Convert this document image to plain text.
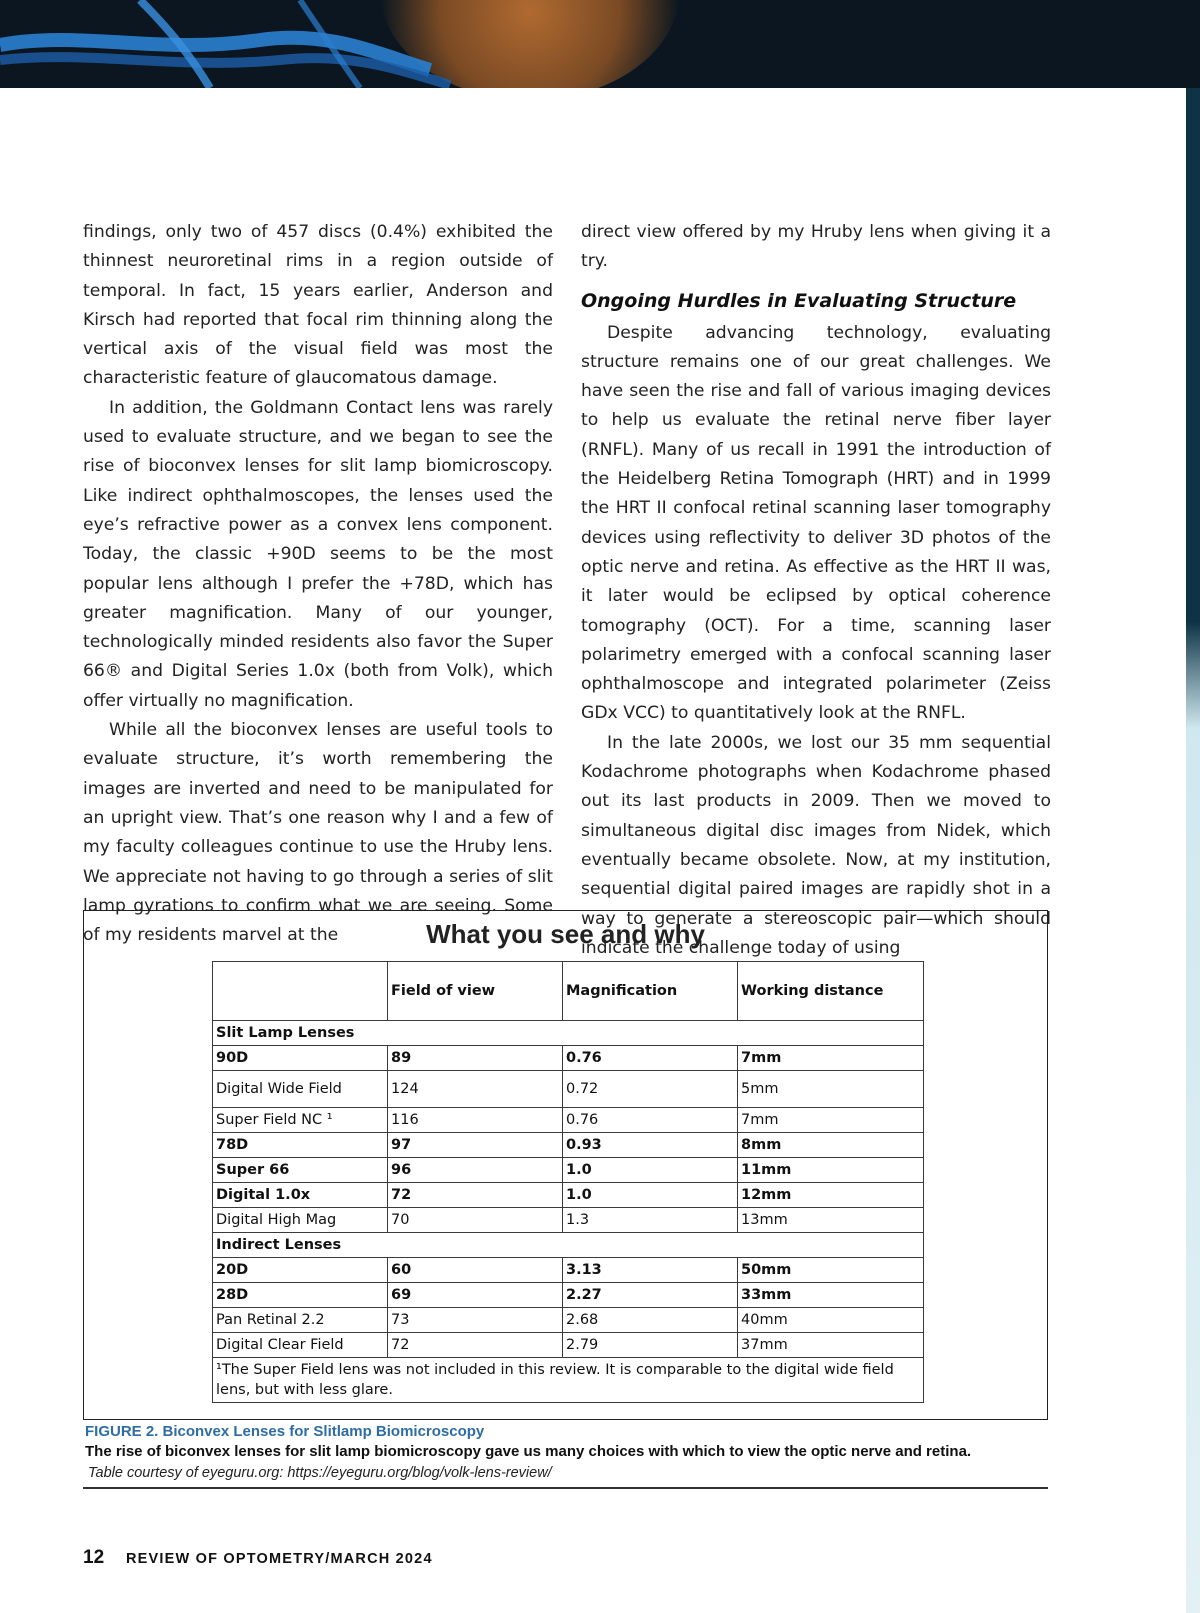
findings, only two of 457 discs (0.4%) exhibited the thinnest neuroretinal rims in a region outside of temporal. In fact, 15 years earlier, Anderson and Kirsch had reported that focal rim thinning along the vertical axis of the visual field was most the characteristic feature of glaucomatous damage.

In addition, the Goldmann Contact lens was rarely used to evaluate structure, and we began to see the rise of bioconvex lenses for slit lamp biomicroscopy. Like indirect ophthalmoscopes, the lenses used the eye’s refractive power as a convex lens component. Today, the classic +90D seems to be the most popular lens although I prefer the +78D, which has greater magnification. Many of our younger, technologically minded residents also favor the Super 66® and Digital Series 1.0x (both from Volk), which offer virtually no magnification.

While all the bioconvex lenses are useful tools to evaluate structure, it’s worth remembering the images are inverted and need to be manipulated for an upright view. That’s one reason why I and a few of my faculty colleagues continue to use the Hruby lens. We appreciate not having to go through a series of slit lamp gyrations to confirm what we are seeing. Some of my residents marvel at the

direct view offered by my Hruby lens when giving it a try.

Ongoing Hurdles in Evaluating Structure

Despite advancing technology, evaluating structure remains one of our great challenges. We have seen the rise and fall of various imaging devices to help us evaluate the retinal nerve fiber layer (RNFL). Many of us recall in 1991 the introduction of the Heidelberg Retina Tomograph (HRT) and in 1999 the HRT II confocal retinal scanning laser tomography devices using reflectivity to deliver 3D photos of the optic nerve and retina. As effective as the HRT II was, it later would be eclipsed by optical coherence tomography (OCT). For a time, scanning laser polarimetry emerged with a confocal scanning laser ophthalmoscope and integrated polarimeter (Zeiss GDx VCC) to quantitatively look at the RNFL.

In the late 2000s, we lost our 35 mm sequential Kodachrome photographs when Kodachrome phased out its last products in 2009. Then we moved to simultaneous digital disc images from Nidek, which eventually became obsolete. Now, at my institution, sequential digital paired images are rapidly shot in a way to generate a stereoscopic pair—which should indicate the challenge today of using

What you see and why
	Field of view	Magnification	Working distance
Slit Lamp Lenses			
90D	89	0.76	7mm
Digital Wide Field	124	0.72	5mm
Super Field NC ¹	116	0.76	7mm
78D	97	0.93	8mm
Super 66	96	1.0	11mm
Digital 1.0x	72	1.0	12mm
Digital High Mag	70	1.3	13mm
Indirect Lenses			
20D	60	3.13	50mm
28D	69	2.27	33mm
Pan Retinal 2.2	73	2.68	40mm
Digital Clear Field	72	2.79	37mm
¹The Super Field lens was not included in this review. It is comparable to the digital wide field lens, but with less glare.			
FIGURE 2. Biconvex Lenses for Slitlamp Biomicroscopy
The rise of biconvex lenses for slit lamp biomicroscopy gave us many choices with which to view the optic nerve and retina.
Table courtesy of eyeguru.org: https://eyeguru.org/blog/volk-lens-review/
12 REVIEW OF OPTOMETRY/MARCH 2024
